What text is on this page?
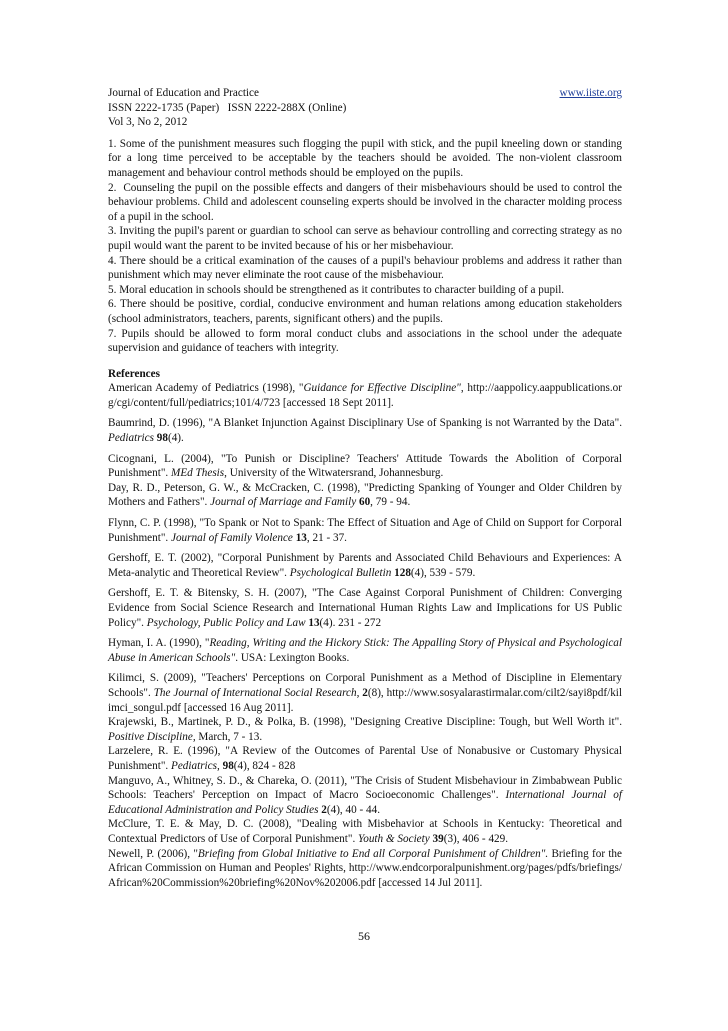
Journal of Education and Practice	www.iiste.org
ISSN 2222-1735 (Paper)   ISSN 2222-288X (Online)
Vol 3, No 2, 2012
1. Some of the punishment measures such flogging the pupil with stick, and the pupil kneeling down or standing for a long time perceived to be acceptable by the teachers should be avoided. The non-violent classroom management and behaviour control methods should be employed on the pupils.
2.  Counseling the pupil on the possible effects and dangers of their misbehaviours should be used to control the behaviour problems. Child and adolescent counseling experts should be involved in the character molding process of a pupil in the school.
3. Inviting the pupil's parent or guardian to school can serve as behaviour controlling and correcting strategy as no pupil would want the parent to be invited because of his or her misbehaviour.
4. There should be a critical examination of the causes of a pupil's behaviour problems and address it rather than punishment which may never eliminate the root cause of the misbehaviour.
5. Moral education in schools should be strengthened as it contributes to character building of a pupil.
6. There should be positive, cordial, conducive environment and human relations among education stakeholders (school administrators, teachers, parents, significant others) and the pupils.
7. Pupils should be allowed to form moral conduct clubs and associations in the school under the adequate supervision and guidance of teachers with integrity.
References
American Academy of Pediatrics (1998), "Guidance for Effective Discipline", http://aappolicy.aappublications.org/cgi/content/full/pediatrics;101/4/723 [accessed 18 Sept 2011].
Baumrind, D. (1996), "A Blanket Injunction Against Disciplinary Use of Spanking is not Warranted by the Data". Pediatrics 98(4).
Cicognani, L. (2004), "To Punish or Discipline? Teachers' Attitude Towards the Abolition of Corporal Punishment". MEd Thesis, University of the Witwatersrand, Johannesburg.
Day, R. D., Peterson, G. W., & McCracken, C. (1998), "Predicting Spanking of Younger and Older Children by Mothers and Fathers". Journal of Marriage and Family 60, 79 - 94.
Flynn, C. P. (1998), "To Spank or Not to Spank: The Effect of Situation and Age of Child on Support for Corporal Punishment". Journal of Family Violence 13, 21 - 37.
Gershoff, E. T. (2002), "Corporal Punishment by Parents and Associated Child Behaviours and Experiences: A Meta-analytic and Theoretical Review". Psychological Bulletin 128(4), 539 - 579.
Gershoff, E. T. & Bitensky, S. H. (2007), "The Case Against Corporal Punishment of Children: Converging Evidence from Social Science Research and International Human Rights Law and Implications for US Public Policy". Psychology, Public Policy and Law 13(4). 231 - 272
Hyman, I. A. (1990), "Reading, Writing and the Hickory Stick: The Appalling Story of Physical and Psychological Abuse in American Schools". USA: Lexington Books.
Kilimci, S. (2009), "Teachers' Perceptions on Corporal Punishment as a Method of Discipline in Elementary Schools". The Journal of International Social Research, 2(8), http://www.sosyalarastirmalar.com/cilt2/sayi8pdf/kilimci_songul.pdf [accessed 16 Aug 2011].
Krajewski, B., Martinek, P. D., & Polka, B. (1998), "Designing Creative Discipline: Tough, but Well Worth it". Positive Discipline, March, 7 - 13.
Larzelere, R. E. (1996), "A Review of the Outcomes of Parental Use of Nonabusive or Customary Physical Punishment". Pediatrics, 98(4), 824 - 828
Manguvo, A., Whitney, S. D., & Chareka, O. (2011), "The Crisis of Student Misbehaviour in Zimbabwean Public Schools: Teachers' Perception on Impact of Macro Socioeconomic Challenges". International Journal of Educational Administration and Policy Studies 2(4), 40 - 44.
McClure, T. E. & May, D. C. (2008), "Dealing with Misbehavior at Schools in Kentucky: Theoretical and Contextual Predictors of Use of Corporal Punishment". Youth & Society 39(3), 406 - 429.
Newell, P. (2006), "Briefing from Global Initiative to End all Corporal Punishment of Children". Briefing for the African Commission on Human and Peoples' Rights, http://www.endcorporalpunishment.org/pages/pdfs/briefings/African%20Commission%20briefing%20Nov%202006.pdf [accessed 14 Jul 2011].
56
